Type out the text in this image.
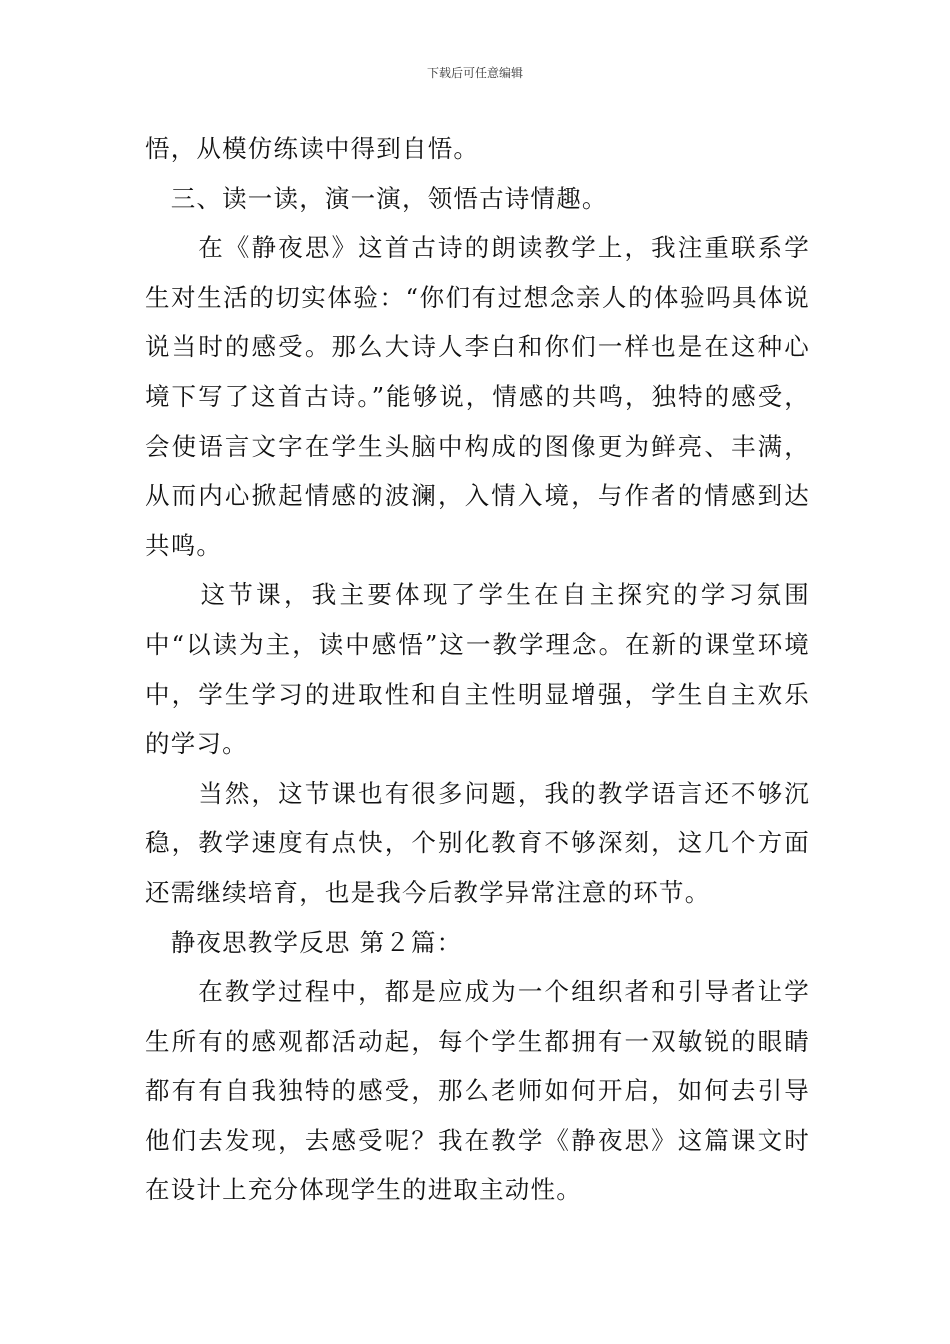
下载后可任意编辑

悟，从模仿练读中得到自悟。

　三、读一读，演一演，领悟古诗情趣。

　　在《静夜思》这首古诗的朗读教学上，我注重联系学生对生活的切实体验：“你们有过想念亲人的体验吗具体说说当时的感受。那么大诗人李白和你们一样也是在这种心境下写了这首古诗。”能够说，情感的共鸣，独特的感受，会使语言文字在学生头脑中构成的图像更为鲜亮、丰满，从而内心掀起情感的波澜，入情入境，与作者的情感到达共鸣。

　　这节课，我主要体现了学生在自主探究的学习氛围中“以读为主，读中感悟”这一教学理念。在新的课堂环境中，学生学习的进取性和自主性明显增强，学生自主欢乐的学习。

　　当然，这节课也有很多问题，我的教学语言还不够沉稳，教学速度有点快，个别化教育不够深刻，这几个方面还需继续培育，也是我今后教学异常注意的环节。

　静夜思教学反思 第２篇：

　　在教学过程中，都是应成为一个组织者和引导者让学生所有的感观都活动起，每个学生都拥有一双敏锐的眼睛都有有自我独特的感受，那么老师如何开启，如何去引导他们去发现，去感受呢？我在教学《静夜思》这篇课文时在设计上充分体现学生的进取主动性。
